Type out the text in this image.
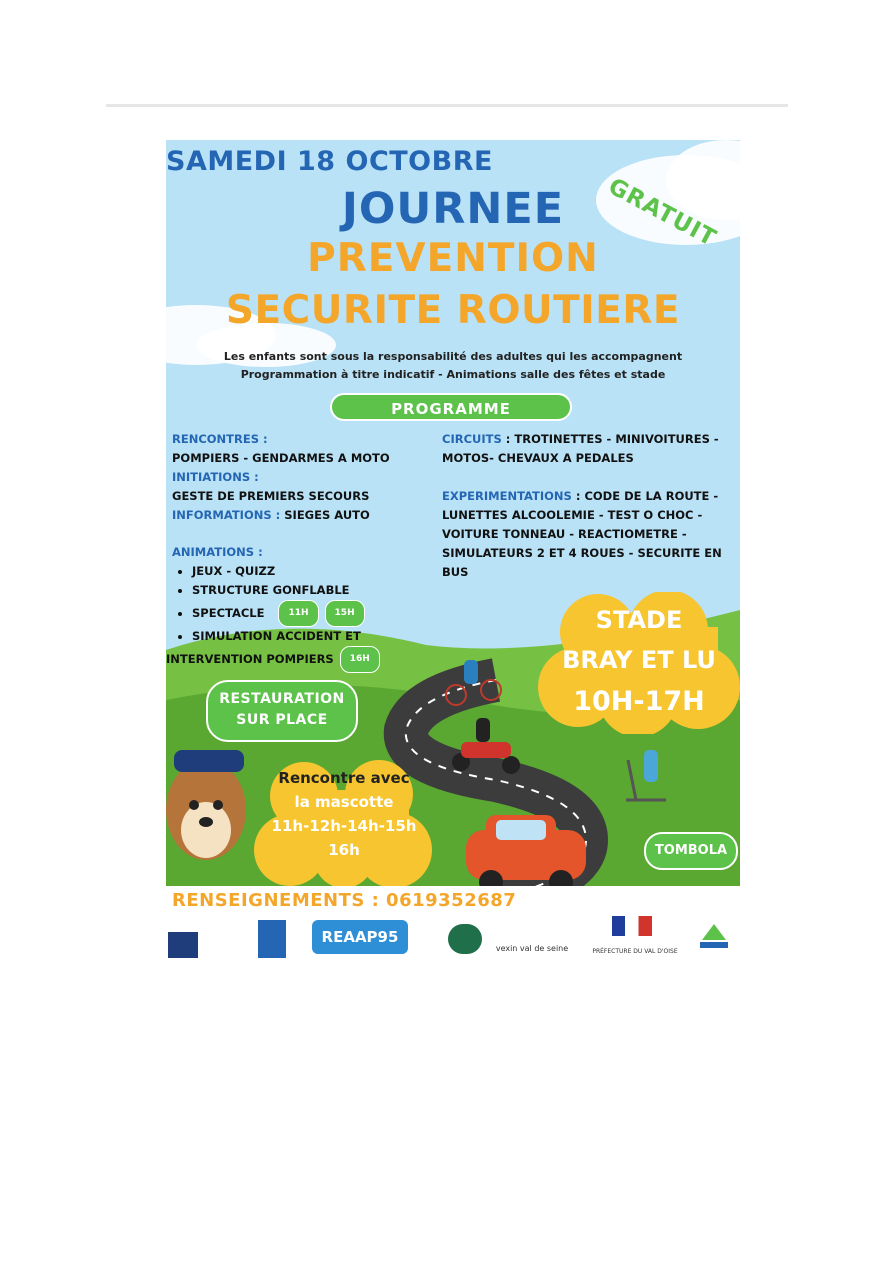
SAMEDI 18 OCTOBRE
GRATUIT
JOURNEE
PREVENTION
SECURITE ROUTIERE
Les enfants sont sous la responsabilité des adultes qui les accompagnent
Programmation à titre indicatif - Animations salle des fêtes et stade
PROGRAMME
RENCONTRES :
POMPIERS - GENDARMES A MOTO
INITIATIONS :
GESTE DE PREMIERS SECOURS
INFORMATIONS : SIEGES AUTO
ANIMATIONS :
• JEUX - QUIZZ
• STRUCTURE GONFLABLE
• SPECTACLE	11H	15H
• SIMULATION ACCIDENT ET
INTERVENTION POMPIERS 16H
CIRCUITS : TROTINETTES - MINIVOITURES -
MOTOS- CHEVAUX A PEDALES
EXPERIMENTATIONS : CODE DE LA ROUTE -
LUNETTES ALCOOLEMIE - TEST O CHOC -
VOITURE TONNEAU - REACTIOMETRE -
SIMULATEURS 2 ET 4 ROUES - SECURITE EN
BUS
STADE
BRAY ET LU
10H-17H
RESTAURATION
SUR PLACE
Rencontre avec
la mascotte
11h-12h-14h-15h
16h	TOMBOLA
RENSEIGNEMENTS : 0619352687
REAAP95
vexin val de seine	PRÉFECTURE DU VAL D'OISE
